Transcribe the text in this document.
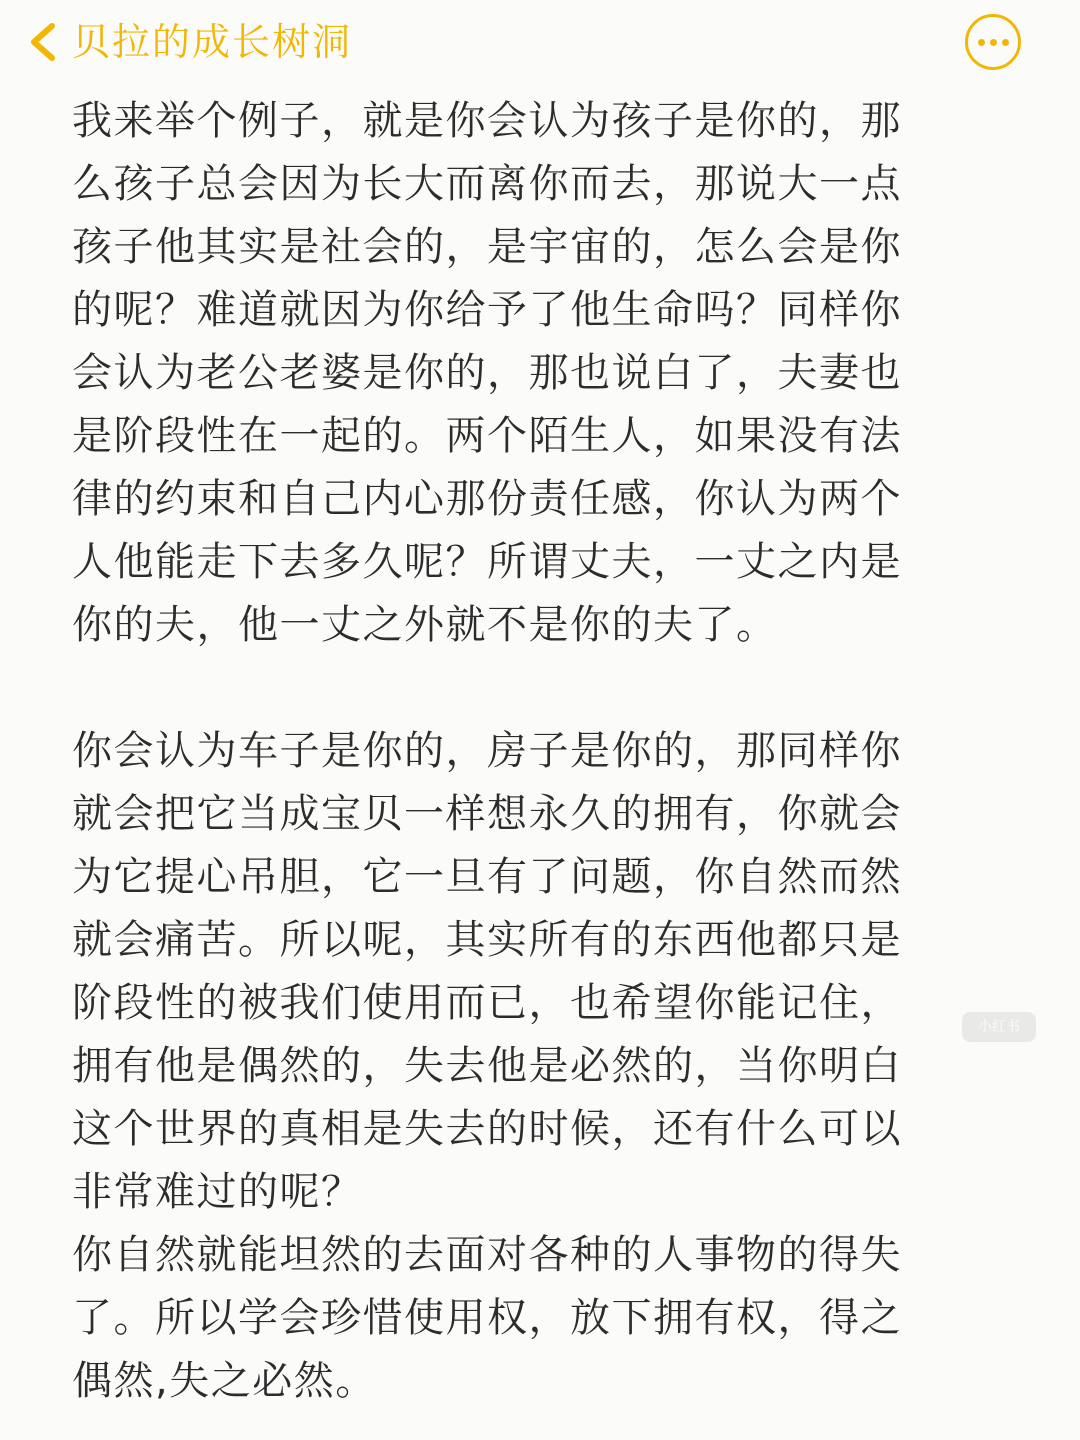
贝拉的成长树洞

我来举个例子，就是你会认为孩子是你的，那
么孩子总会因为长大而离你而去，那说大一点
孩子他其实是社会的，是宇宙的，怎么会是你
的呢？难道就因为你给予了他生命吗？同样你
会认为老公老婆是你的，那也说白了，夫妻也
是阶段性在一起的。两个陌生人，如果没有法
律的约束和自己内心那份责任感，你认为两个
人他能走下去多久呢？所谓丈夫，一丈之内是
你的夫，他一丈之外就不是你的夫了。

你会认为车子是你的，房子是你的，那同样你
就会把它当成宝贝一样想永久的拥有，你就会
为它提心吊胆，它一旦有了问题，你自然而然
就会痛苦。所以呢，其实所有的东西他都只是
阶段性的被我们使用而已，也希望你能记住，
拥有他是偶然的，失去他是必然的，当你明白
这个世界的真相是失去的时候，还有什么可以
非常难过的呢？

你自然就能坦然的去面对各种的人事物的得失
了。所以学会珍惜使用权，放下拥有权，得之
偶然,失之必然。

小红书
